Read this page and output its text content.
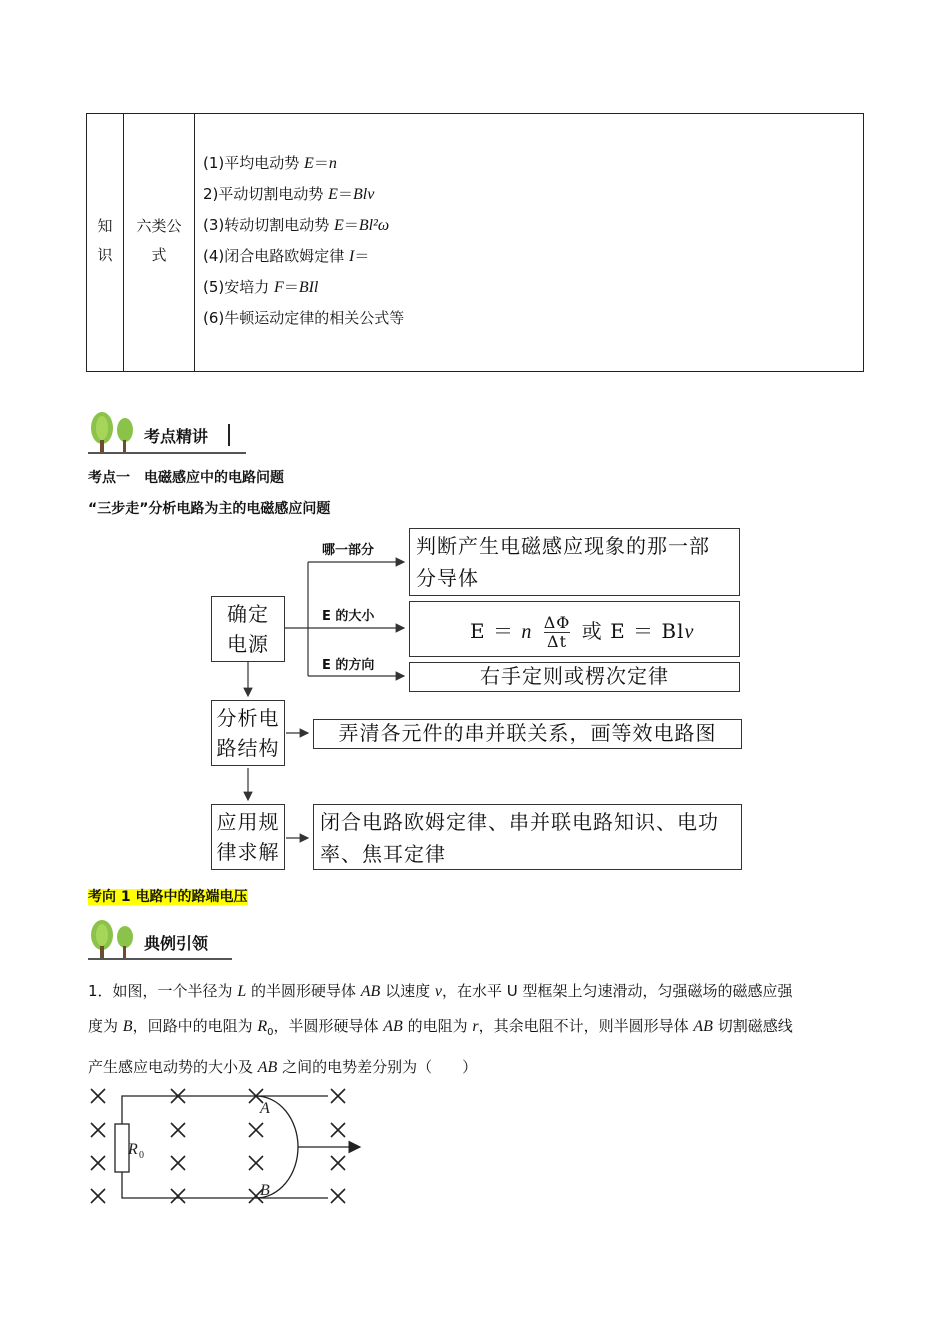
知
识
六类公
式
(1)平均电动势 E＝n
2)平动切割电动势 E＝Blv
(3)转动切割电动势 E＝Bl²ω
(4)闭合电路欧姆定律 I＝
(5)安培力 F＝BIl
(6)牛顿运动定律的相关公式等
考点精讲
考点一　电磁感应中的电路问题
“三步走”分析电路为主的电磁感应问题
确定
电源
分析电
路结构
应用规
律求解
哪一部分
E 的大小
E 的方向
判断产生电磁感应现象的那一部
分导体
E ＝ n $\frac{\Delta\Phi}{\Delta t}$ 或 E ＝ Blv
右手定则或楞次定律
弄清各元件的串并联关系，画等效电路图
闭合电路欧姆定律、串并联电路知识、电功
率、焦耳定律
考向 1 电路中的路端电压
典例引领
1．如图，一个半径为 L 的半圆形硬导体 AB 以速度 v，在水平 U 型框架上匀速滑动，匀强磁场的磁感应强
度为 B，回路中的电阻为 $R_0$，半圆形硬导体 AB 的电阻为 r，其余电阻不计，则半圆形导体 AB 切割磁感线
产生感应电动势的大小及 AB 之间的电势差分别为（　　）
A
B
R 0
